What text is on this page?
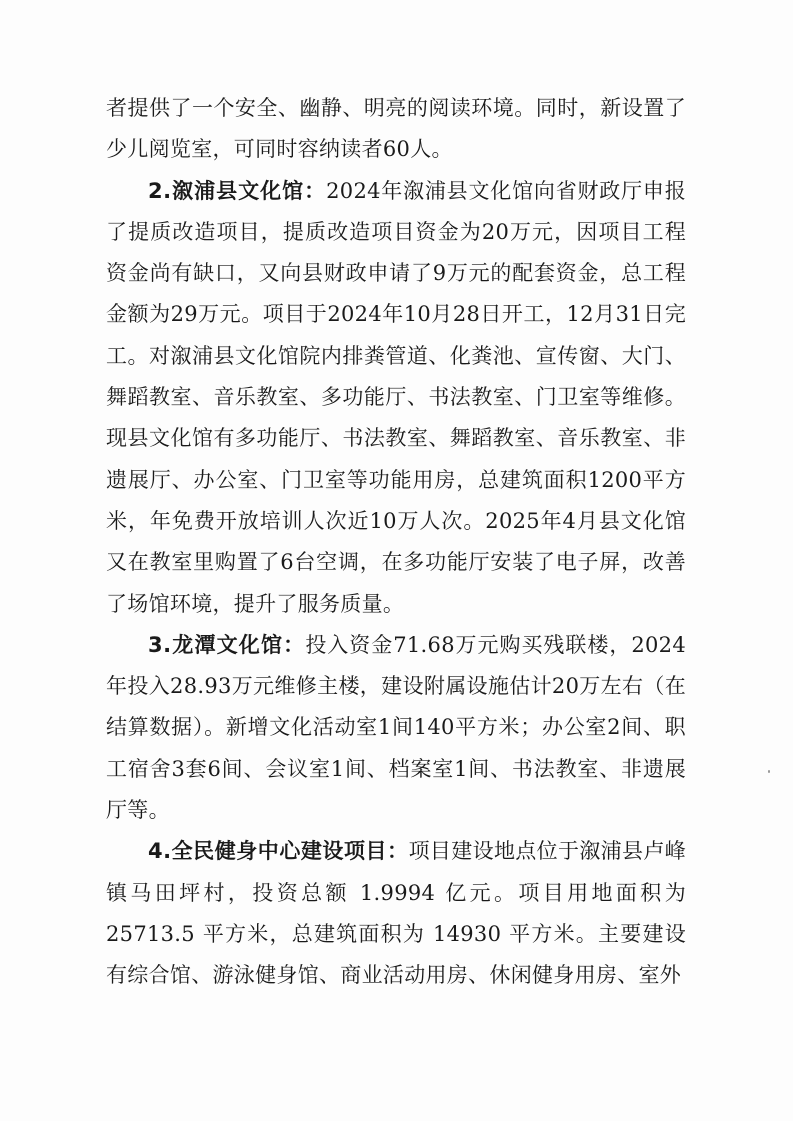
者提供了一个安全、幽静、明亮的阅读环境。同时，新设置了少儿阅览室，可同时容纳读者60人。

2.溆浦县文化馆：2024年溆浦县文化馆向省财政厅申报了提质改造项目，提质改造项目资金为20万元，因项目工程资金尚有缺口，又向县财政申请了9万元的配套资金，总工程金额为29万元。项目于2024年10月28日开工，12月31日完工。对溆浦县文化馆院内排粪管道、化粪池、宣传窗、大门、舞蹈教室、音乐教室、多功能厅、书法教室、门卫室等维修。现县文化馆有多功能厅、书法教室、舞蹈教室、音乐教室、非遗展厅、办公室、门卫室等功能用房，总建筑面积1200平方米，年免费开放培训人次近10万人次。2025年4月县文化馆又在教室里购置了6台空调，在多功能厅安装了电子屏，改善了场馆环境，提升了服务质量。

3.龙潭文化馆：投入资金71.68万元购买残联楼，2024年投入28.93万元维修主楼，建设附属设施估计20万左右（在结算数据）。新增文化活动室1间140平方米；办公室2间、职工宿舍3套6间、会议室1间、档案室1间、书法教室、非遗展厅等。

4.全民健身中心建设项目：项目建设地点位于溆浦县卢峰镇马田坪村，投资总额 1.9994 亿元。项目用地面积为25713.5 平方米，总建筑面积为 14930 平方米。主要建设有综合馆、游泳健身馆、商业活动用房、休闲健身用房、室外
